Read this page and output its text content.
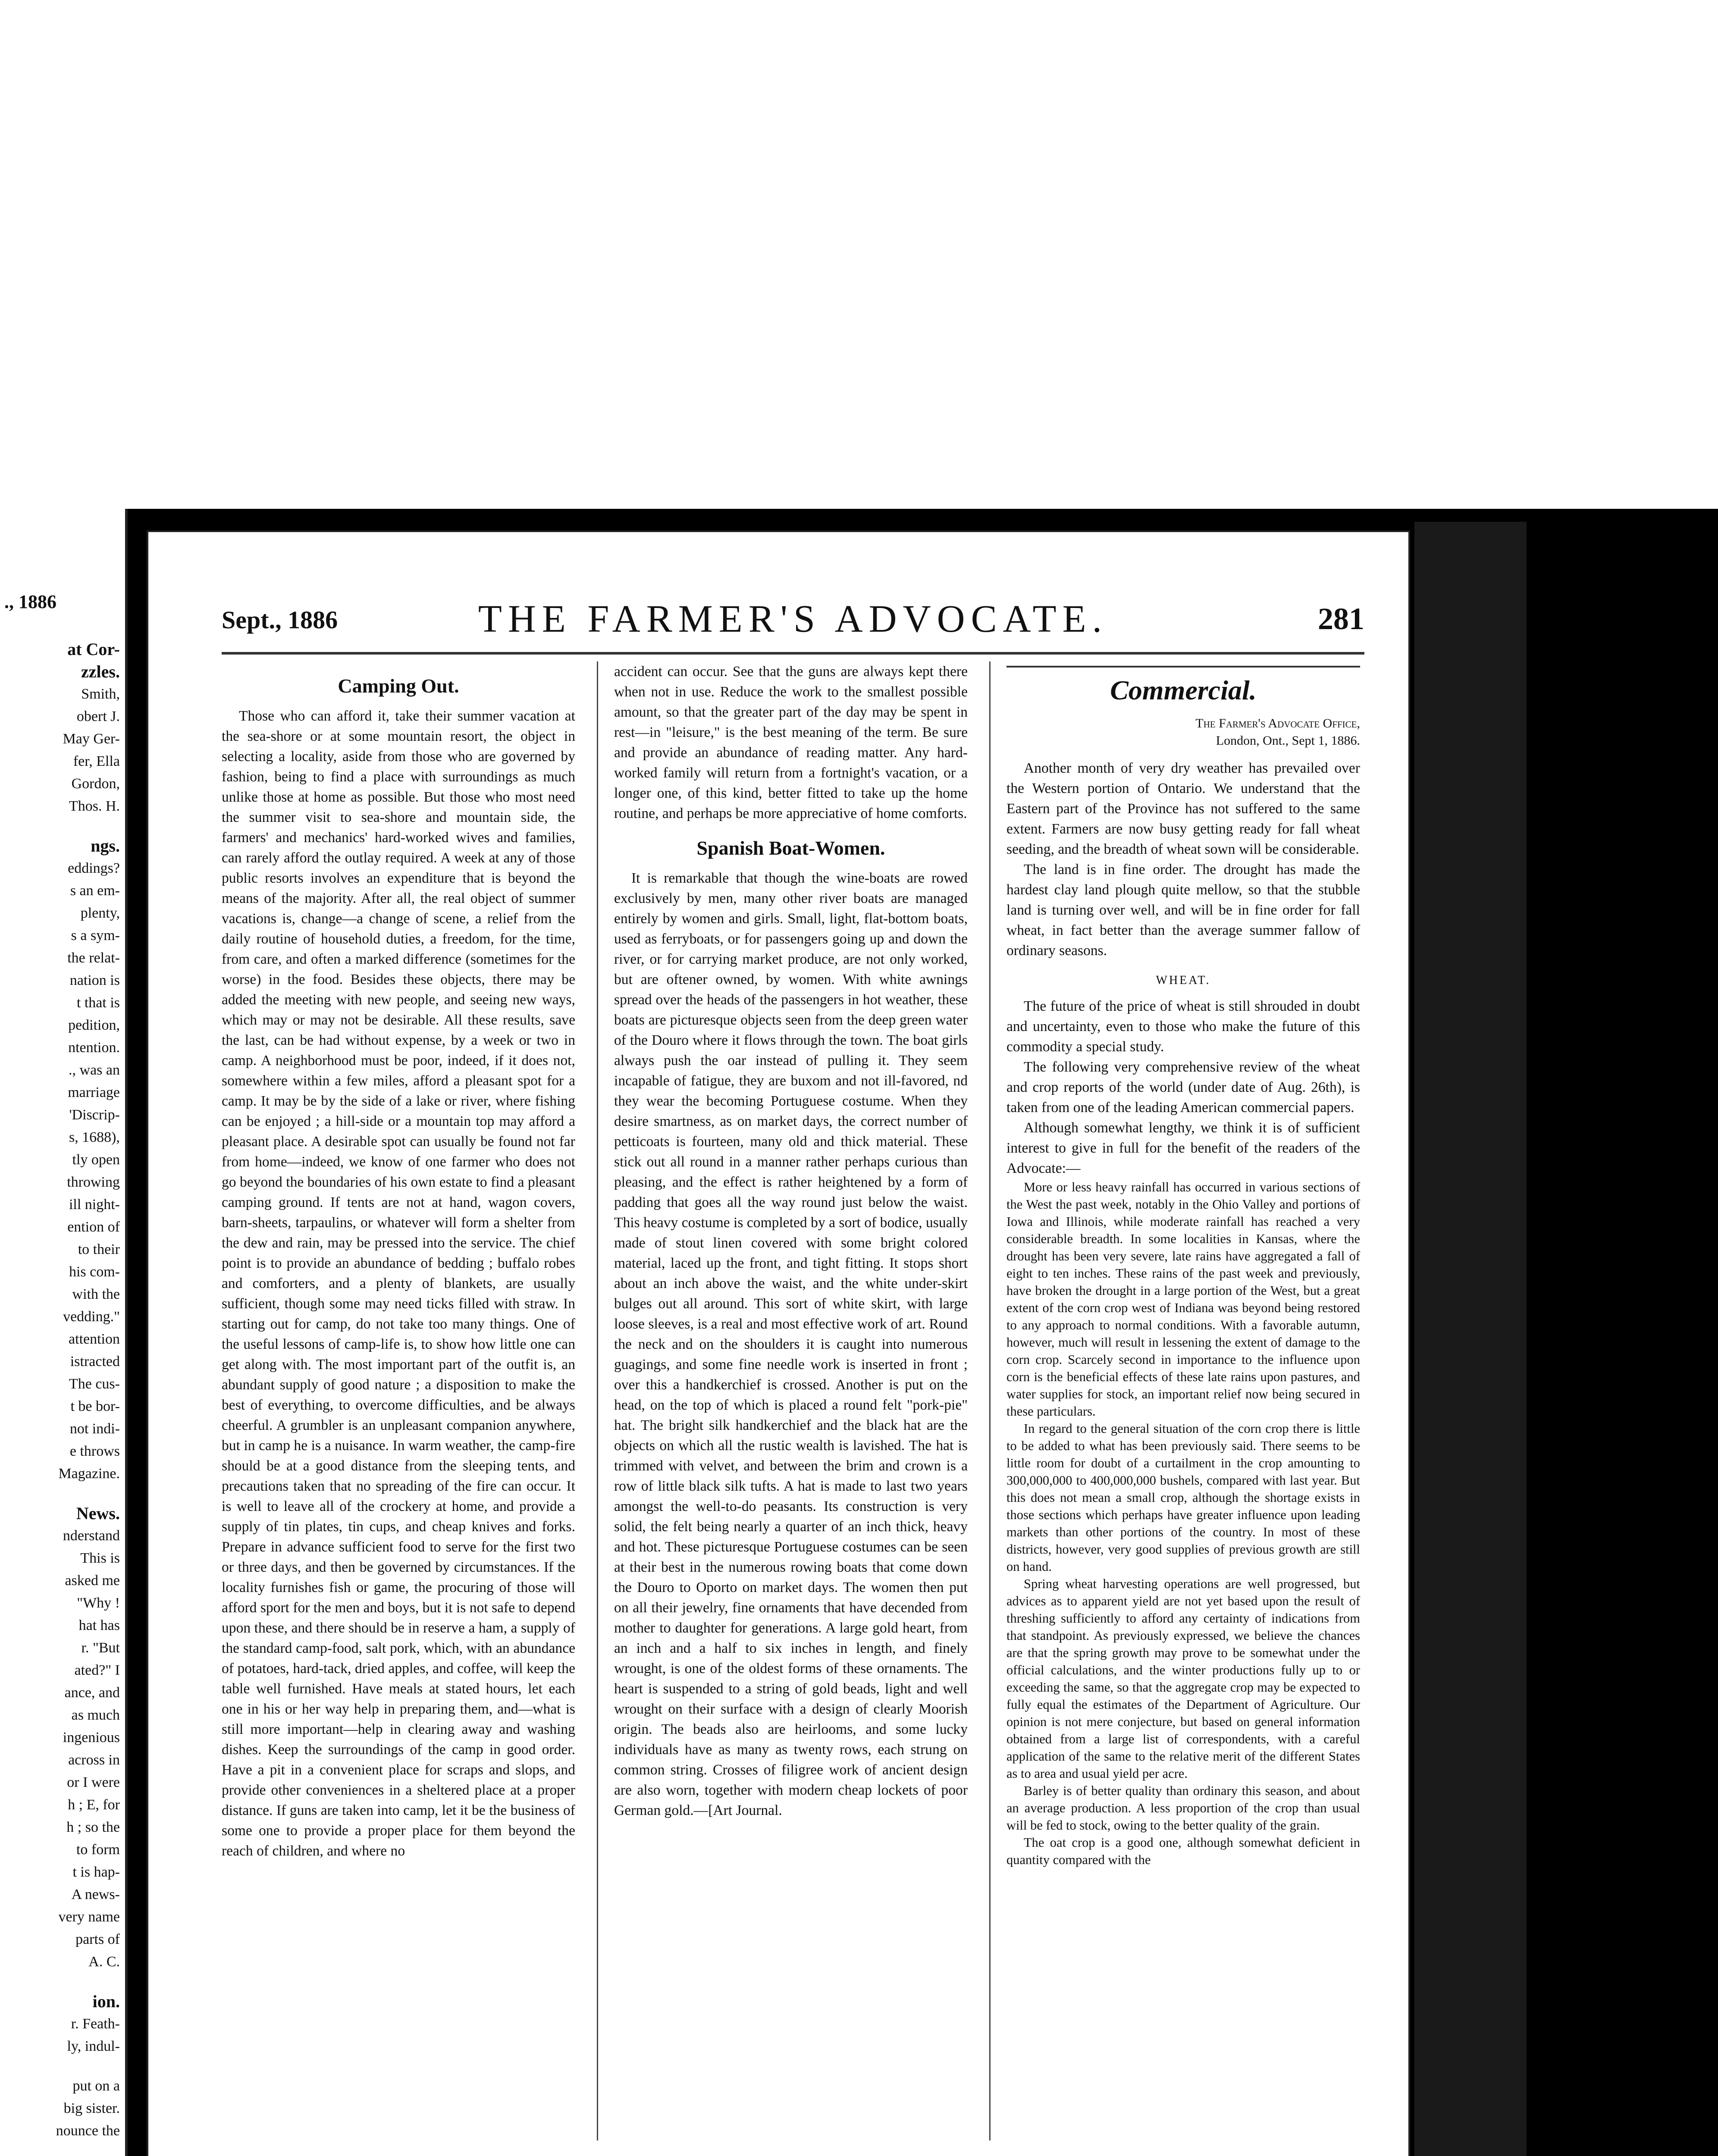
., 1886
at Cor-
zzles.
Smith,
obert J.
May Ger-
fer, Ella
Gordon,
Thos. H.
ngs.
eddings?
s an em-
plenty,
s a sym-
the relat-
nation is
t that is
pedition,
ntention.
., was an
marriage
'Discrip-
s, 1688),
tly open
throwing
ill night-
ention of
to their
his com-
with the
vedding."
attention
istracted
The cus-
t be bor-
not indi-
e throws
Magazine.
News.
nderstand
This is
asked me
"Why !
hat has
r. "But
ated?" I
ance, and
as much
ingenious
across in
or I were
h ; E, for
h ; so the
to form
t is hap-
A news-
very name
parts of
A. C.
ion.
r. Feath-
ly, indul-
put on a
big sister.
nounce the
Sept., 1886	THE FARMER'S ADVOCATE.	281
Camping Out.

Those who can afford it, take their summer vacation at the sea-shore or at some mountain resort, the object in selecting a locality, aside from those who are governed by fashion, being to find a place with surroundings as much unlike those at home as possible. But those who most need the summer visit to sea-shore and mountain side, the farmers' and mechanics' hard-worked wives and families, can rarely afford the outlay required. A week at any of those public resorts involves an expenditure that is beyond the means of the majority. After all, the real object of summer vacations is, change—a change of scene, a relief from the daily routine of household duties, a freedom, for the time, from care, and often a marked difference (sometimes for the worse) in the food. Besides these objects, there may be added the meeting with new people, and seeing new ways, which may or may not be desirable. All these results, save the last, can be had without expense, by a week or two in camp. A neighborhood must be poor, indeed, if it does not, somewhere within a few miles, afford a pleasant spot for a camp. It may be by the side of a lake or river, where fishing can be enjoyed ; a hill-side or a mountain top may afford a pleasant place. A desirable spot can usually be found not far from home—indeed, we know of one farmer who does not go beyond the boundaries of his own estate to find a pleasant camping ground. If tents are not at hand, wagon covers, barn-sheets, tarpaulins, or whatever will form a shelter from the dew and rain, may be pressed into the service. The chief point is to provide an abundance of bedding ; buffalo robes and comforters, and a plenty of blankets, are usually sufficient, though some may need ticks filled with straw. In starting out for camp, do not take too many things. One of the useful lessons of camp-life is, to show how little one can get along with. The most important part of the outfit is, an abundant supply of good nature ; a disposition to make the best of everything, to overcome difficulties, and be always cheerful. A grumbler is an unpleasant companion anywhere, but in camp he is a nuisance. In warm weather, the camp-fire should be at a good distance from the sleeping tents, and precautions taken that no spreading of the fire can occur. It is well to leave all of the crockery at home, and provide a supply of tin plates, tin cups, and cheap knives and forks. Prepare in advance sufficient food to serve for the first two or three days, and then be governed by circumstances. If the locality furnishes fish or game, the procuring of those will afford sport for the men and boys, but it is not safe to depend upon these, and there should be in reserve a ham, a supply of the standard camp-food, salt pork, which, with an abundance of potatoes, hard-tack, dried apples, and coffee, will keep the table well furnished. Have meals at stated hours, let each one in his or her way help in preparing them, and—what is still more important—help in clearing away and washing dishes. Keep the surroundings of the camp in good order. Have a pit in a convenient place for scraps and slops, and provide other conveniences in a sheltered place at a proper distance. If guns are taken into camp, let it be the business of some one to provide a proper place for them beyond the reach of children, and where no

accident can occur. See that the guns are always kept there when not in use. Reduce the work to the smallest possible amount, so that the greater part of the day may be spent in rest—in "leisure," is the best meaning of the term. Be sure and provide an abundance of reading matter. Any hard-worked family will return from a fortnight's vacation, or a longer one, of this kind, better fitted to take up the home routine, and perhaps be more appreciative of home comforts.

Spanish Boat-Women.

It is remarkable that though the wine-boats are rowed exclusively by men, many other river boats are managed entirely by women and girls. Small, light, flat-bottom boats, used as ferryboats, or for passengers going up and down the river, or for carrying market produce, are not only worked, but are oftener owned, by women. With white awnings spread over the heads of the passengers in hot weather, these boats are picturesque objects seen from the deep green water of the Douro where it flows through the town. The boat girls always push the oar instead of pulling it. They seem incapable of fatigue, they are buxom and not ill-favored, nd they wear the becoming Portuguese costume. When they desire smartness, as on market days, the correct number of petticoats is fourteen, many old and thick material. These stick out all round in a manner rather perhaps curious than pleasing, and the effect is rather heightened by a form of padding that goes all the way round just below the waist. This heavy costume is completed by a sort of bodice, usually made of stout linen covered with some bright colored material, laced up the front, and tight fitting. It stops short about an inch above the waist, and the white under-skirt bulges out all around. This sort of white skirt, with large loose sleeves, is a real and most effective work of art. Round the neck and on the shoulders it is caught into numerous guagings, and some fine needle work is inserted in front ; over this a handkerchief is crossed. Another is put on the head, on the top of which is placed a round felt "pork-pie" hat. The bright silk handkerchief and the black hat are the objects on which all the rustic wealth is lavished. The hat is trimmed with velvet, and between the brim and crown is a row of little black silk tufts. A hat is made to last two years amongst the well-to-do peasants. Its construction is very solid, the felt being nearly a quarter of an inch thick, heavy and hot. These picturesque Portuguese costumes can be seen at their best in the numerous rowing boats that come down the Douro to Oporto on market days. The women then put on all their jewelry, fine ornaments that have decended from mother to daughter for generations. A large gold heart, from an inch and a half to six inches in length, and finely wrought, is one of the oldest forms of these ornaments. The heart is suspended to a string of gold beads, light and well wrought on their surface with a design of clearly Moorish origin. The beads also are heirlooms, and some lucky individuals have as many as twenty rows, each strung on common string. Crosses of filigree work of ancient design are also worn, together with modern cheap lockets of poor German gold.—[Art Journal.

Commercial.
The Farmer's Advocate Office,
London, Ont., Sept 1, 1886.

Another month of very dry weather has prevailed over the Western portion of Ontario. We understand that the Eastern part of the Province has not suffered to the same extent. Farmers are now busy getting ready for fall wheat seeding, and the breadth of wheat sown will be considerable.

The land is in fine order. The drought has made the hardest clay land plough quite mellow, so that the stubble land is turning over well, and will be in fine order for fall wheat, in fact better than the average summer fallow of ordinary seasons.

WHEAT.

The future of the price of wheat is still shrouded in doubt and uncertainty, even to those who make the future of this commodity a special study.

The following very comprehensive review of the wheat and crop reports of the world (under date of Aug. 26th), is taken from one of the leading American commercial papers.

Although somewhat lengthy, we think it is of sufficient interest to give in full for the benefit of the readers of the Advocate:—

More or less heavy rainfall has occurred in various sections of the West the past week, notably in the Ohio Valley and portions of Iowa and Illinois, while moderate rainfall has reached a very considerable breadth. In some localities in Kansas, where the drought has been very severe, late rains have aggregated a fall of eight to ten inches. These rains of the past week and previously, have broken the drought in a large portion of the West, but a great extent of the corn crop west of Indiana was beyond being restored to any approach to normal conditions. With a favorable autumn, however, much will result in lessening the extent of damage to the corn crop. Scarcely second in importance to the influence upon corn is the beneficial effects of these late rains upon pastures, and water supplies for stock, an important relief now being secured in these particulars.

In regard to the general situation of the corn crop there is little to be added to what has been previously said. There seems to be little room for doubt of a curtailment in the crop amounting to 300,000,000 to 400,000,000 bushels, compared with last year. But this does not mean a small crop, although the shortage exists in those sections which perhaps have greater influence upon leading markets than other portions of the country. In most of these districts, however, very good supplies of previous growth are still on hand.

Spring wheat harvesting operations are well progressed, but advices as to apparent yield are not yet based upon the result of threshing sufficiently to afford any certainty of indications from that standpoint. As previously expressed, we believe the chances are that the spring growth may prove to be somewhat under the official calculations, and the winter productions fully up to or exceeding the same, so that the aggregate crop may be expected to fully equal the estimates of the Department of Agriculture. Our opinion is not mere conjecture, but based on general information obtained from a large list of correspondents, with a careful application of the same to the relative merit of the different States as to area and usual yield per acre.

Barley is of better quality than ordinary this season, and about an average production. A less proportion of the crop than usual will be fed to stock, owing to the better quality of the grain.

The oat crop is a good one, although somewhat deficient in quantity compared with the
